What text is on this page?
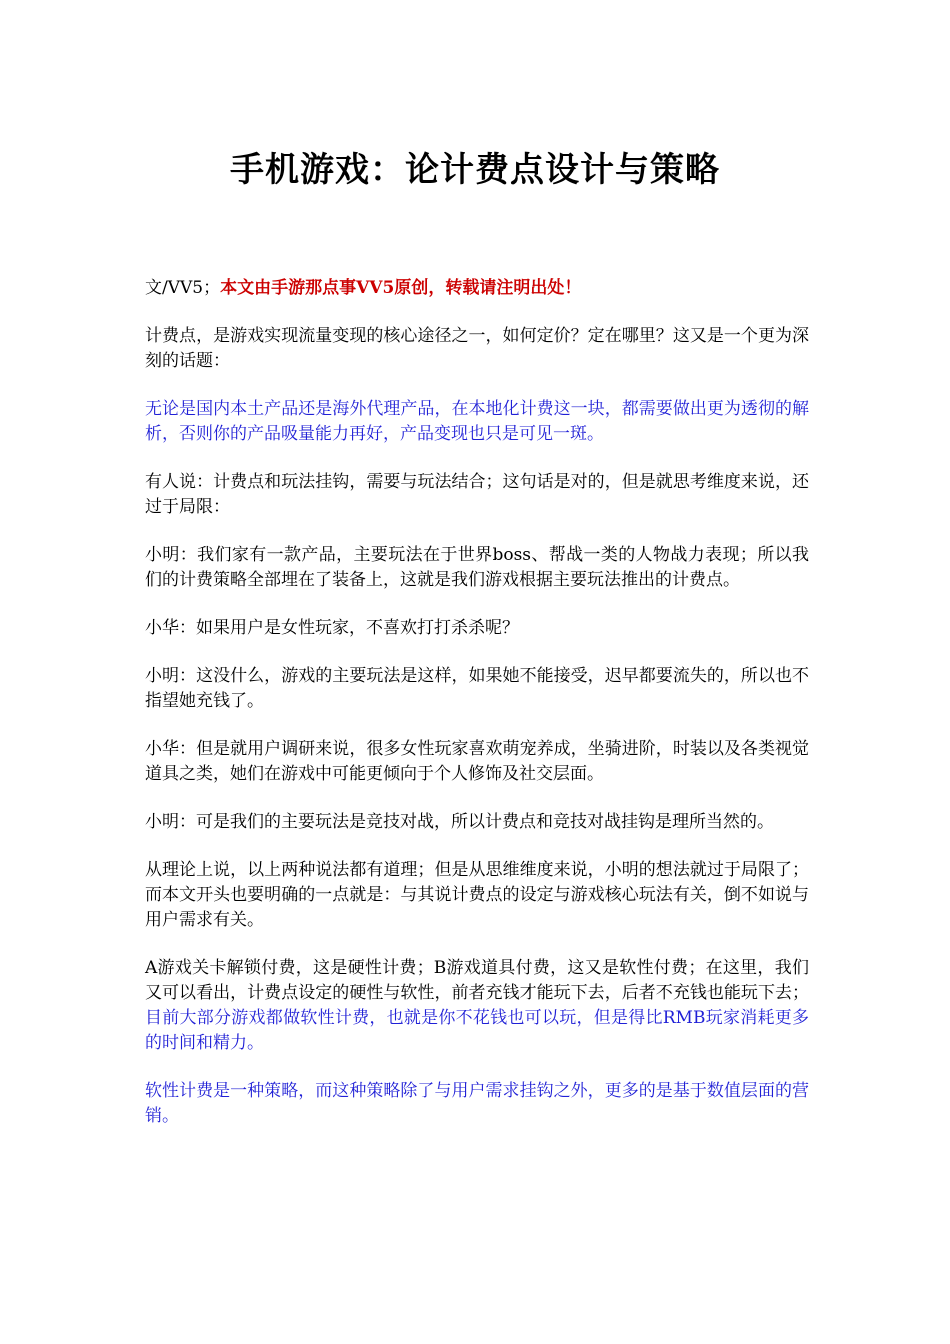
手机游戏：论计费点设计与策略

文/VV5；本文由手游那点事VV5原创，转载请注明出处！

计费点，是游戏实现流量变现的核心途径之一，如何定价？定在哪里？这又是一个更为深刻的话题：

无论是国内本土产品还是海外代理产品，在本地化计费这一块，都需要做出更为透彻的解析，否则你的产品吸量能力再好，产品变现也只是可见一斑。

有人说：计费点和玩法挂钩，需要与玩法结合；这句话是对的，但是就思考维度来说，还过于局限：

小明：我们家有一款产品，主要玩法在于世界boss、帮战一类的人物战力表现；所以我们的计费策略全部埋在了装备上，这就是我们游戏根据主要玩法推出的计费点。

小华：如果用户是女性玩家，不喜欢打打杀杀呢？

小明：这没什么，游戏的主要玩法是这样，如果她不能接受，迟早都要流失的，所以也不指望她充钱了。

小华：但是就用户调研来说，很多女性玩家喜欢萌宠养成，坐骑进阶，时装以及各类视觉道具之类，她们在游戏中可能更倾向于个人修饰及社交层面。

小明：可是我们的主要玩法是竞技对战，所以计费点和竞技对战挂钩是理所当然的。

从理论上说，以上两种说法都有道理；但是从思维维度来说，小明的想法就过于局限了；而本文开头也要明确的一点就是：与其说计费点的设定与游戏核心玩法有关，倒不如说与用户需求有关。

A游戏关卡解锁付费，这是硬性计费；B游戏道具付费，这又是软性付费；在这里，我们又可以看出，计费点设定的硬性与软性，前者充钱才能玩下去，后者不充钱也能玩下去；目前大部分游戏都做软性计费，也就是你不花钱也可以玩，但是得比RMB玩家消耗更多的时间和精力。

软性计费是一种策略，而这种策略除了与用户需求挂钩之外，更多的是基于数值层面的营销。
